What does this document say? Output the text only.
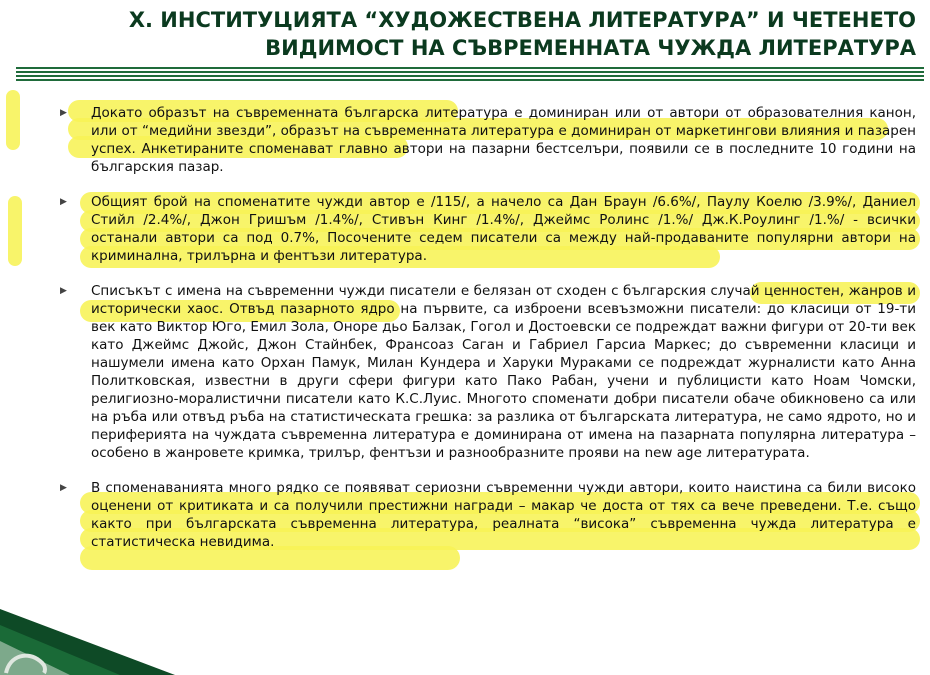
X. ИНСТИТУЦИЯТА “ХУДОЖЕСТВЕНА ЛИТЕРАТУРА” И ЧЕТЕНЕТО
ВИДИМОСТ НА СЪВРЕМЕННАТА ЧУЖДА ЛИТЕРАТУРА
▶ Докато образът на съвременната българска литература е доминиран или от автори от образователния канон, или от “медийни звезди”, образът на съвременната литература е доминиран от маркетингови влияния и пазарен успех. Анкетираните споменават главно автори на пазарни бестселъри, появили се в последните 10 години на българския пазар.

▶ Общият брой на споменатите чужди автор е /115/, а начело са Дан Браун /6.6%/, Паулу Коелю /3.9%/, Даниел Стийл /2.4%/, Джон Гришъм /1.4%/, Стивън Кинг /1.4%/, Джеймс Ролинс /1.%/ Дж.К.Роулинг /1.%/ - всички останали автори са под 0.7%, Посочените седем писатели са между най-продаваните популярни автори на криминална, трилърна и фентъзи литература.

▶ Списъкът с имена на съвременни чужди писатели е белязан от сходен с българския случай ценностен, жанров и исторически хаос. Отвъд пазарното ядро на първите, са изброени всевъзможни писатели: до класици от 19-ти век като Виктор Юго, Емил Зола, Оноре дьо Балзак, Гогол и Достоевски се подреждат важни фигури от 20-ти век като Джеймс Джойс, Джон Стайнбек, Франсоаз Саган и Габриел Гарсиа Маркес; до съвременни класици и нашумели имена като Орхан Памук, Милан Кундера и Харуки Мураками се подреждат журналисти като Анна Политковская, известни в други сфери фигури като Пако Рабан, учени и публицисти като Ноам Чомски, религиозно-моралистични писатели като К.С.Луис. Многото споменати добри писатели обаче обикновено са или на ръба или отвъд ръба на статистическата грешка: за разлика от българската литература, не само ядрото, но и периферията на чуждата съвременна литература е доминирана от имена на пазарната популярна литература – особено в жанровете кримка, трилър, фентъзи и разнообразните прояви на new age литературата.

▶ В споменаванията много рядко се появяват сериозни съвременни чужди автори, които наистина са били високо оценени от критиката и са получили престижни награди – макар че доста от тях са вече преведени. Т.е. също както при българската съвременна литература, реалната “висока” съвременна чужда литература е статистическа невидима.
